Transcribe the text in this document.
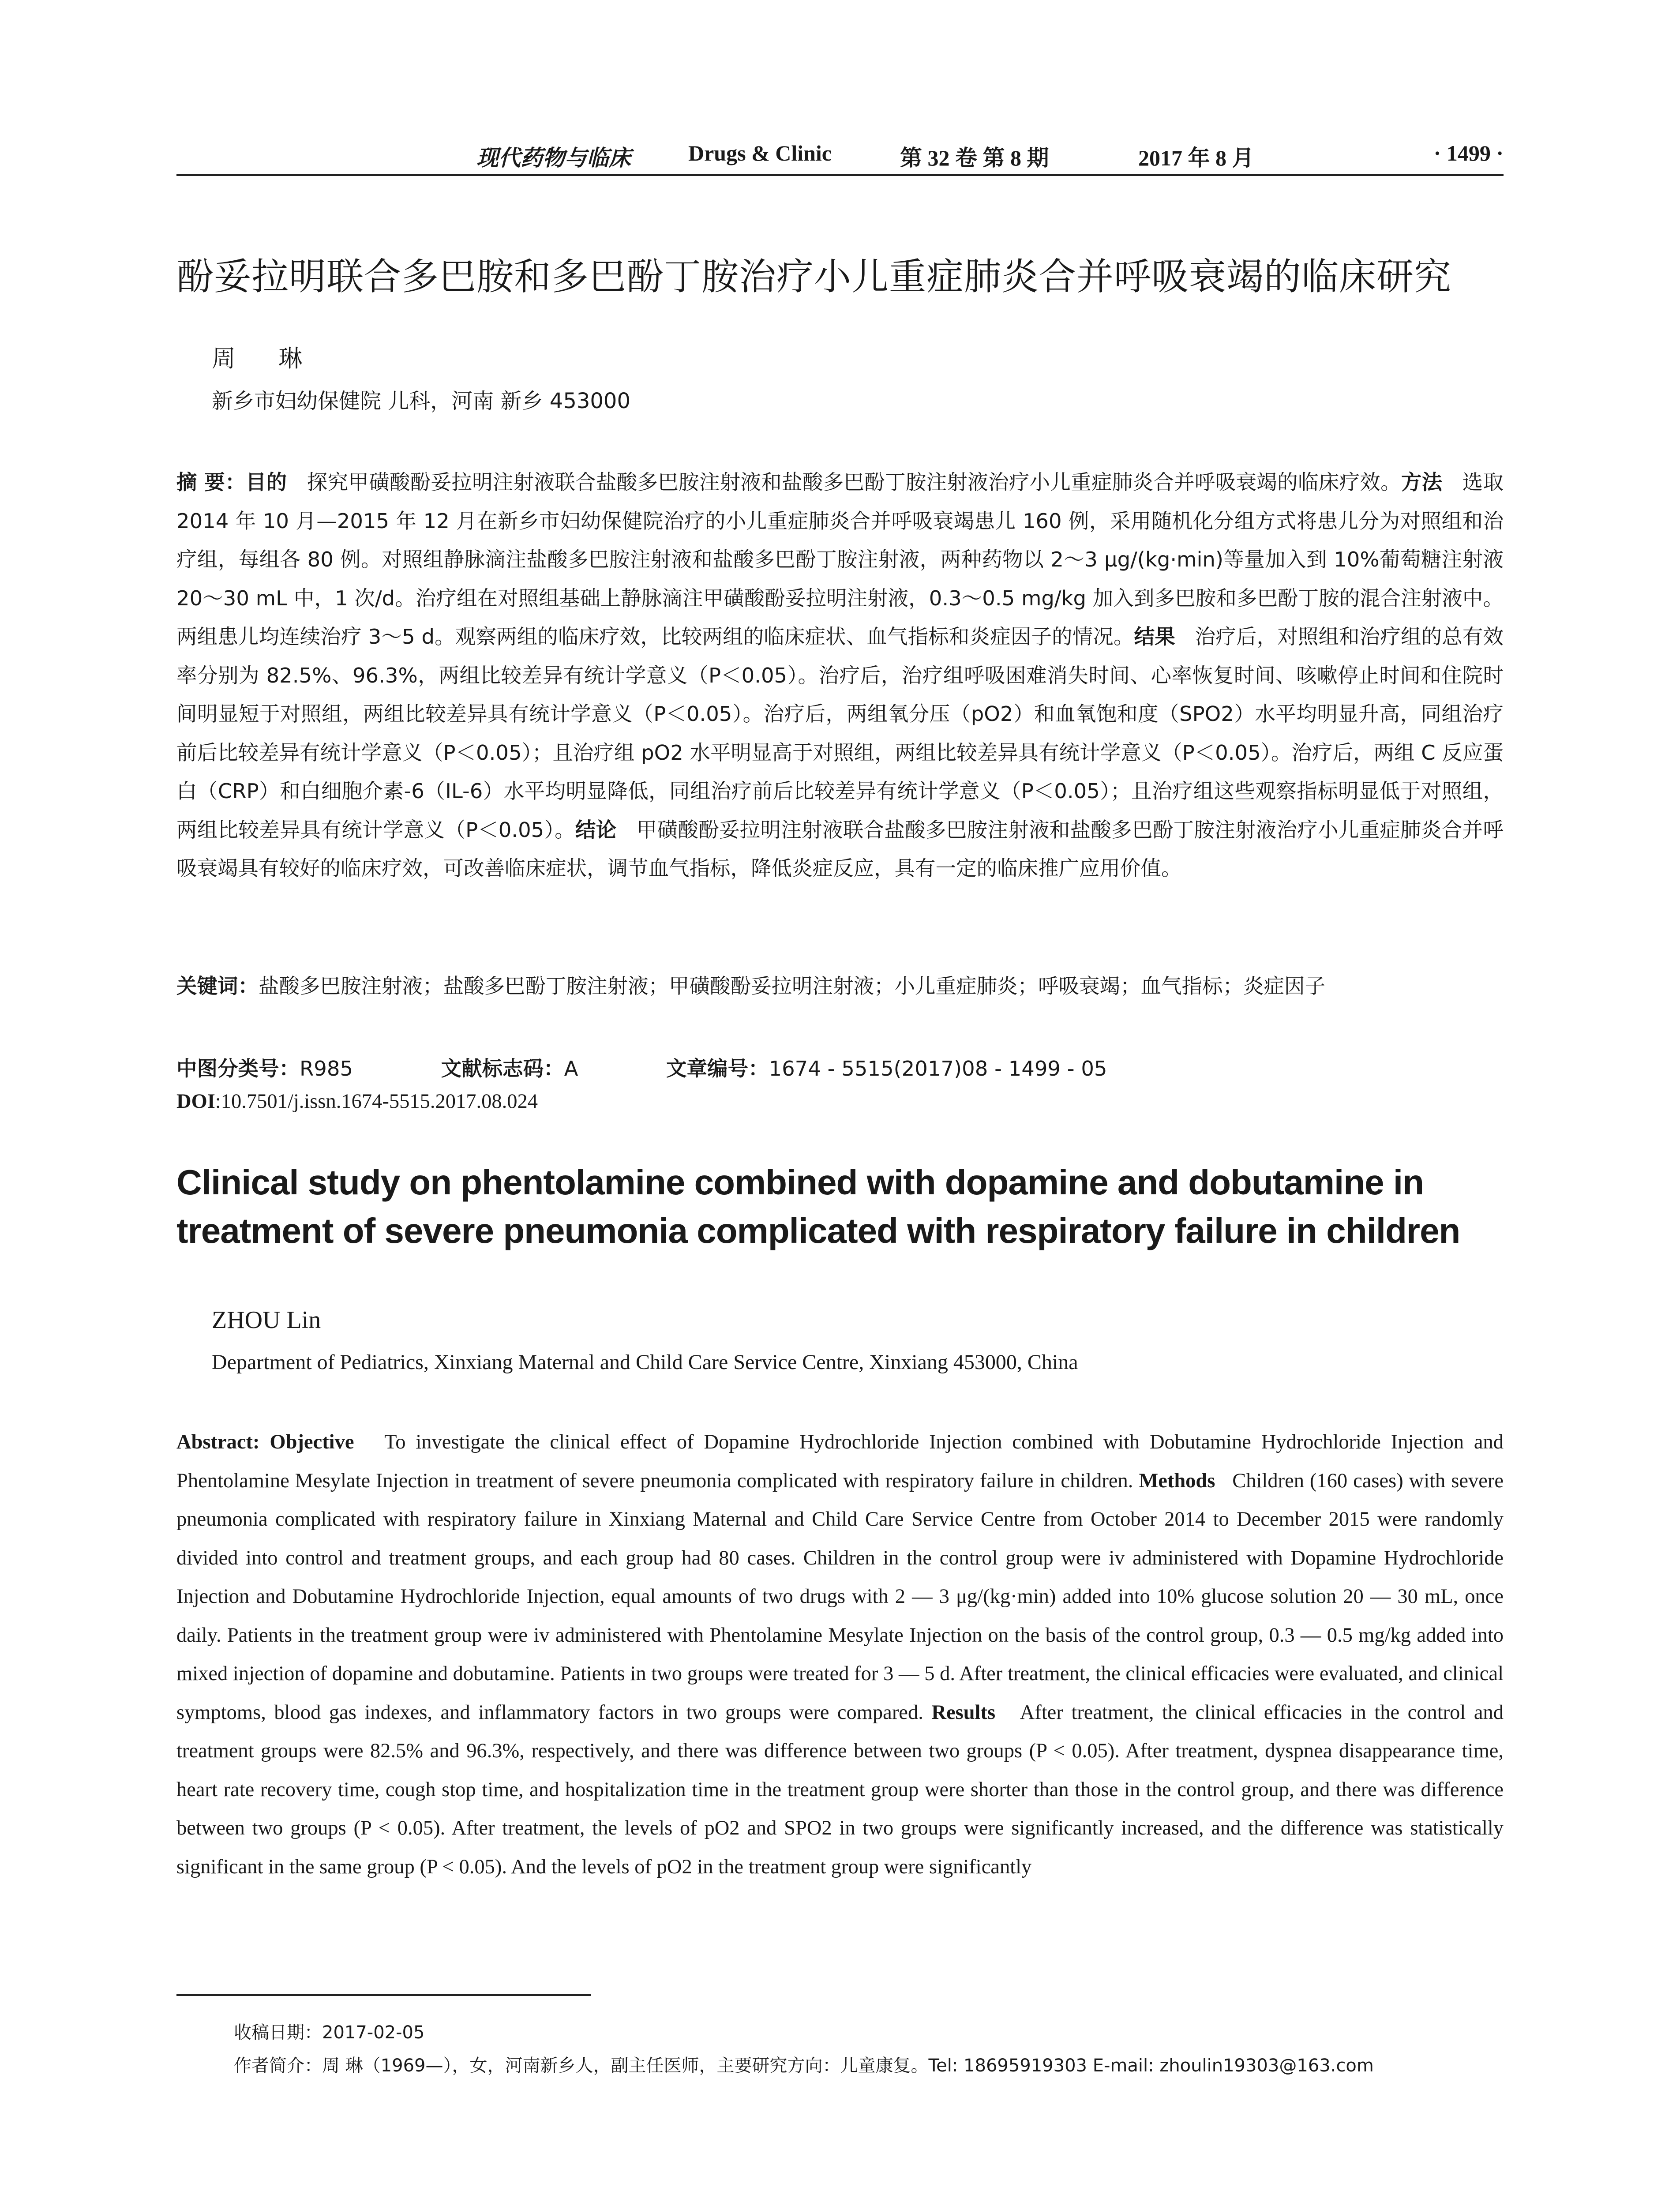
现代药物与临床	Drugs & Clinic	第 32 卷 第 8 期	2017 年 8 月	· 1499 ·
酚妥拉明联合多巴胺和多巴酚丁胺治疗小儿重症肺炎合并呼吸衰竭的临床研究
周 琳
新乡市妇幼保健院 儿科，河南 新乡 453000
摘 要：目的 探究甲磺酸酚妥拉明注射液联合盐酸多巴胺注射液和盐酸多巴酚丁胺注射液治疗小儿重症肺炎合并呼吸衰竭的临床疗效。方法 选取 2014 年 10 月—2015 年 12 月在新乡市妇幼保健院治疗的小儿重症肺炎合并呼吸衰竭患儿 160 例，采用随机化分组方式将患儿分为对照组和治疗组，每组各 80 例。对照组静脉滴注盐酸多巴胺注射液和盐酸多巴酚丁胺注射液，两种药物以 2～3 μg/(kg·min)等量加入到 10%葡萄糖注射液 20～30 mL 中，1 次/d。治疗组在对照组基础上静脉滴注甲磺酸酚妥拉明注射液，0.3～0.5 mg/kg 加入到多巴胺和多巴酚丁胺的混合注射液中。两组患儿均连续治疗 3～5 d。观察两组的临床疗效，比较两组的临床症状、血气指标和炎症因子的情况。结果 治疗后，对照组和治疗组的总有效率分别为 82.5%、96.3%，两组比较差异有统计学意义（P＜0.05）。治疗后，治疗组呼吸困难消失时间、心率恢复时间、咳嗽停止时间和住院时间明显短于对照组，两组比较差异具有统计学意义（P＜0.05）。治疗后，两组氧分压（pO2）和血氧饱和度（SPO2）水平均明显升高，同组治疗前后比较差异有统计学意义（P＜0.05）；且治疗组 pO2 水平明显高于对照组，两组比较差异具有统计学意义（P＜0.05）。治疗后，两组 C 反应蛋白（CRP）和白细胞介素-6（IL-6）水平均明显降低，同组治疗前后比较差异有统计学意义（P＜0.05）；且治疗组这些观察指标明显低于对照组，两组比较差异具有统计学意义（P＜0.05）。结论 甲磺酸酚妥拉明注射液联合盐酸多巴胺注射液和盐酸多巴酚丁胺注射液治疗小儿重症肺炎合并呼吸衰竭具有较好的临床疗效，可改善临床症状，调节血气指标，降低炎症反应，具有一定的临床推广应用价值。
关键词：盐酸多巴胺注射液；盐酸多巴酚丁胺注射液；甲磺酸酚妥拉明注射液；小儿重症肺炎；呼吸衰竭；血气指标；炎症因子
中图分类号：R985	文献标志码：A	文章编号：1674 - 5515(2017)08 - 1499 - 05
DOI:10.7501/j.issn.1674-5515.2017.08.024
Clinical study on phentolamine combined with dopamine and dobutamine in treatment of severe pneumonia complicated with respiratory failure in children
ZHOU Lin
Department of Pediatrics, Xinxiang Maternal and Child Care Service Centre, Xinxiang 453000, China
Abstract: Objective To investigate the clinical effect of Dopamine Hydrochloride Injection combined with Dobutamine Hydrochloride Injection and Phentolamine Mesylate Injection in treatment of severe pneumonia complicated with respiratory failure in children. Methods Children (160 cases) with severe pneumonia complicated with respiratory failure in Xinxiang Maternal and Child Care Service Centre from October 2014 to December 2015 were randomly divided into control and treatment groups, and each group had 80 cases. Children in the control group were iv administered with Dopamine Hydrochloride Injection and Dobutamine Hydrochloride Injection, equal amounts of two drugs with 2 — 3 μg/(kg·min) added into 10% glucose solution 20 — 30 mL, once daily. Patients in the treatment group were iv administered with Phentolamine Mesylate Injection on the basis of the control group, 0.3 — 0.5 mg/kg added into mixed injection of dopamine and dobutamine. Patients in two groups were treated for 3 — 5 d. After treatment, the clinical efficacies were evaluated, and clinical symptoms, blood gas indexes, and inflammatory factors in two groups were compared. Results After treatment, the clinical efficacies in the control and treatment groups were 82.5% and 96.3%, respectively, and there was difference between two groups (P < 0.05). After treatment, dyspnea disappearance time, heart rate recovery time, cough stop time, and hospitalization time in the treatment group were shorter than those in the control group, and there was difference between two groups (P < 0.05). After treatment, the levels of pO2 and SPO2 in two groups were significantly increased, and the difference was statistically significant in the same group (P < 0.05). And the levels of pO2 in the treatment group were significantly
收稿日期：2017-02-05
作者简介：周 琳（1969—），女，河南新乡人，副主任医师，主要研究方向：儿童康复。Tel: 18695919303 E-mail: zhoulin19303@163.com
